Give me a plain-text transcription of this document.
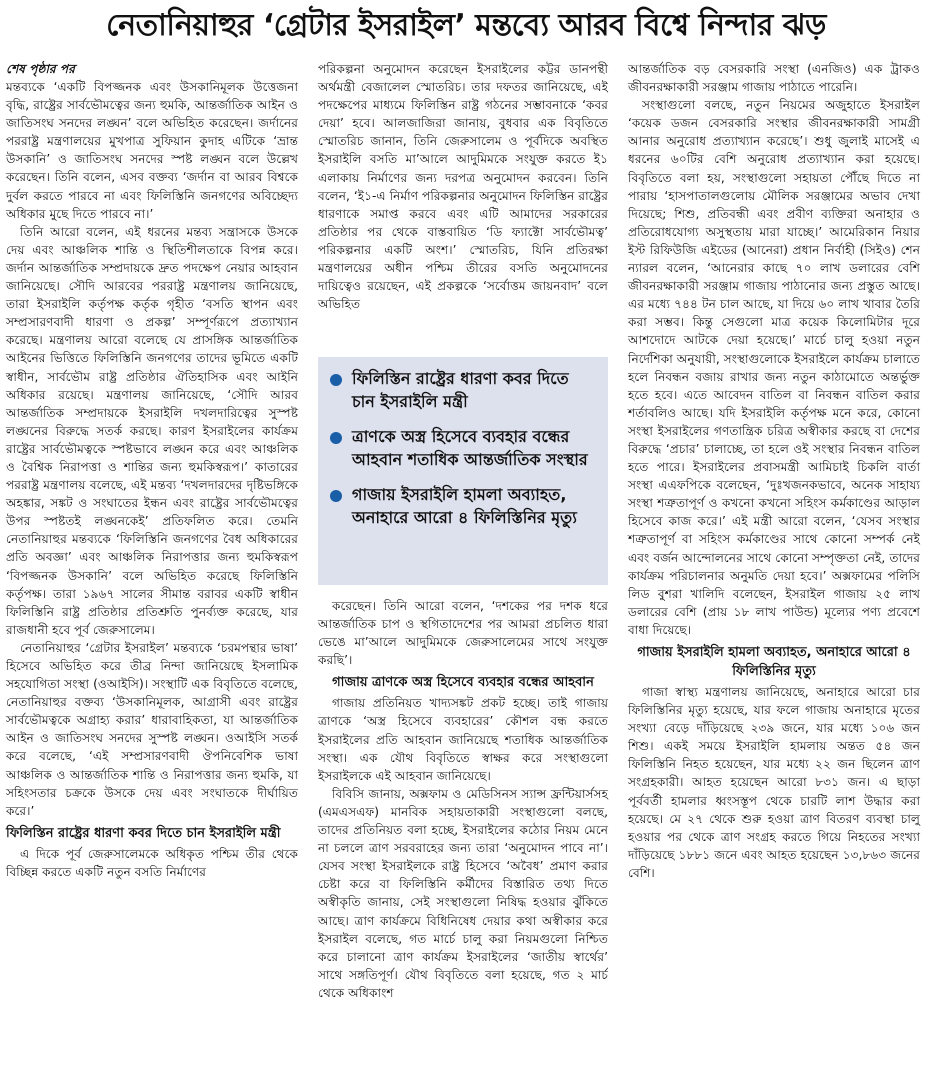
নেতানিয়াহুর ‘গ্রেটার ইসরাইল’ মন্তব্যে আরব বিশ্বে নিন্দার ঝড়
শেষ পৃষ্ঠার পর

মন্তব্যকে ‘একটি বিপজ্জনক এবং উসকানিমূলক উত্তেজনা বৃদ্ধি, রাষ্ট্রের সার্বভৌমত্বের জন্য হুমকি, আন্তর্জাতিক আইন ও জাতিসংঘ সনদের লঙ্ঘন’ বলে অভিহিত করেছেন। জর্দানের পররাষ্ট্র মন্ত্রণালয়ের মুখপাত্র সুফিয়ান কুদাহ এটিকে ‘ভ্রান্ত উসকানি’ ও জাতিসংঘ সনদের স্পষ্ট লঙ্ঘন বলে উল্লেখ করেছেন। তিনি বলেন, এসব বক্তব্য ‘জর্দান বা আরব বিশ্বকে দুর্বল করতে পারবে না এবং ফিলিস্তিনি জনগণের অবিচ্ছেদ্য অধিকার মুছে দিতে পারবে না।’

তিনি আরো বলেন, এই ধরনের মন্তব্য সন্ত্রাসকে উসকে দেয় এবং আঞ্চলিক শান্তি ও স্থিতিশীলতাকে বিপন্ন করে। জর্দান আন্তর্জাতিক সম্প্রদায়কে দ্রুত পদক্ষেপ নেয়ার আহবান জানিয়েছে। সৌদি আরবের পররাষ্ট্র মন্ত্রণালয় জানিয়েছে, তারা ইসরাইলি কর্তৃপক্ষ কর্তৃক গৃহীত ‘বসতি স্থাপন এবং সম্প্রসারণবাদী ধারণা ও প্রকল্প’ সম্পূর্ণরূপে প্রত্যাখ্যান করেছে। মন্ত্রণালয় আরো বলেছে যে প্রাসঙ্গিক আন্তর্জাতিক আইনের ভিত্তিতে ফিলিস্তিনি জনগণের তাদের ভূমিতে একটি স্বাধীন, সার্বভৌম রাষ্ট্র প্রতিষ্ঠার ঐতিহাসিক এবং আইনি অধিকার রয়েছে। মন্ত্রণালয় জানিয়েছে, ‘সৌদি আরব আন্তর্জাতিক সম্প্রদায়কে ইসরাইলি দখলদারিত্বের সুস্পষ্ট লঙ্ঘনের বিরুদ্ধে সতর্ক করছে। কারণ ইসরাইলের কার্যক্রম রাষ্ট্রের সার্বভৌমত্বকে স্পষ্টভাবে লঙ্ঘন করে এবং আঞ্চলিক ও বৈশ্বিক নিরাপত্তা ও শান্তির জন্য হুমকিস্বরূপ।’ কাতারের পররাষ্ট্র মন্ত্রণালয় বলেছে, এই মন্তব্য ‘দখলদারদের দৃষ্টিভঙ্গিকে অহঙ্কার, সঙ্কট ও সংঘাতের ইন্ধন এবং রাষ্ট্রের সার্বভৌমত্বের উপর স্পষ্টতই লঙ্ঘনকেই’ প্রতিফলিত করে। তেমনি নেতানিয়াহুর মন্তব্যকে ‘ফিলিস্তিনি জনগণের বৈধ অধিকারের প্রতি অবজ্ঞা’ এবং আঞ্চলিক নিরাপত্তার জন্য হুমকিস্বরূপ ‘বিপজ্জনক উসকানি’ বলে অভিহিত করেছে ফিলিস্তিনি কর্তৃপক্ষ। তারা ১৯৬৭ সালের সীমান্ত বরাবর একটি স্বাধীন ফিলিস্তিনি রাষ্ট্র প্রতিষ্ঠার প্রতিশ্রুতি পুনর্ব্যক্ত করেছে, যার রাজধানী হবে পূর্ব জেরুসালেম।

নেতানিয়াহুর ‘গ্রেটার ইসরাইল’ মন্তব্যকে ‘চরমপন্থার ভাষা’ হিসেবে অভিহিত করে তীব্র নিন্দা জানিয়েছে ইসলামিক সহযোগিতা সংস্থা (ওআইসি)। সংস্থাটি এক বিবৃতিতে বলেছে, নেতানিয়াহুর বক্তব্য ‘উসকানিমূলক, আগ্রাসী এবং রাষ্ট্রের সার্বভৌমত্বকে অগ্রাহ্য করার’ ধারাবাহিকতা, যা আন্তর্জাতিক আইন ও জাতিসংঘ সনদের সুস্পষ্ট লঙ্ঘন। ওআইসি সতর্ক করে বলেছে, ‘এই সম্প্রসারণবাদী ঔপনিবেশিক ভাষা আঞ্চলিক ও আন্তর্জাতিক শান্তি ও নিরাপত্তার জন্য হুমকি, যা সহিংসতার চক্রকে উসকে দেয় এবং সংঘাতকে দীর্ঘায়িত করে।’

ফিলিস্তিন রাষ্ট্রের ধারণা কবর দিতে চান ইসরাইলি মন্ত্রী

এ দিকে পূর্ব জেরুসালেমকে অধিকৃত পশ্চিম তীর থেকে বিচ্ছিন্ন করতে একটি নতুন বসতি নির্মাণের

পরিকল্পনা অনুমোদন করেছেন ইসরাইলের কট্টর ডানপন্থী অর্থমন্ত্রী বেজালেল স্মোতরিচ। তার দফতর জানিয়েছে, এই পদক্ষেপের মাধ্যমে ফিলিস্তিন রাষ্ট্র গঠনের সম্ভাবনাকে ‘কবর দেয়া’ হবে। আলজাজিরা জানায়, বুধবার এক বিবৃতিতে স্মোতরিচ জানান, তিনি জেরুসালেম ও পূর্বদিকে অবস্থিত ইসরাইলি বসতি মা’আলে আদুমিমকে সংযুক্ত করতে ই১ এলাকায় নির্মাণের জন্য দরপত্র অনুমোদন করবেন। তিনি বলেন, ‘ই১-এ নির্মাণ পরিকল্পনার অনুমোদন ফিলিস্তিন রাষ্ট্রের ধারণাকে সমাপ্ত করবে এবং এটি আমাদের সরকারের প্রতিষ্ঠার পর থেকে বাস্তবায়িত ‘ডি ফ্যাক্টো সার্বভৌমত্ব’ পরিকল্পনার একটি অংশ।’ স্মোতরিচ, যিনি প্রতিরক্ষা মন্ত্রণালয়ের অধীন পশ্চিম তীরের বসতি অনুমোদনের দায়িত্বেও রয়েছেন, এই প্রকল্পকে ‘সর্বোত্তম জায়নবাদ’ বলে অভিহিত

ফিলিস্তিন রাষ্ট্রের ধারণা কবর দিতে চান ইসরাইলি মন্ত্রী
ত্রাণকে অস্ত্র হিসেবে ব্যবহার বন্ধের আহবান শতাধিক আন্তর্জাতিক সংস্থার
গাজায় ইসরাইলি হামলা অব্যাহত, অনাহারে আরো ৪ ফিলিস্তিনির মৃত্যু

করেছেন। তিনি আরো বলেন, ‘দশকের পর দশক ধরে আন্তর্জাতিক চাপ ও স্থগিতাদেশের পর আমরা প্রচলিত ধারা ভেঙে মা’আলে আদুমিমকে জেরুসালেমের সাথে সংযুক্ত করছি’।

গাজায় ত্রাণকে অস্ত্র হিসেবে ব্যবহার বন্ধের আহবান

গাজায় প্রতিনিয়ত খাদ্যসঙ্কট প্রকট হচ্ছে। তাই গাজায় ত্রাণকে ‘অস্ত্র হিসেবে ব্যবহারের’ কৌশল বন্ধ করতে ইসরাইলের প্রতি আহবান জানিয়েছে শতাধিক আন্তর্জাতিক সংস্থা। এক যৌথ বিবৃতিতে স্বাক্ষর করে সংস্থাগুলো ইসরাইলকে এই আহবান জানিয়েছে।

বিবিসি জানায়, অক্সফাম ও মেডিসিনস স্যান্স ফ্রন্টিয়ার্সসহ (এমএসএফ) মানবিক সহায়তাকারী সংস্থাগুলো বলছে, তাদের প্রতিনিয়ত বলা হচ্ছে, ইসরাইলের কঠোর নিয়ম মেনে না চললে ত্রাণ সরবরাহের জন্য তারা ‘অনুমোদন পাবে না’। যেসব সংস্থা ইসরাইলকে রাষ্ট্র হিসেবে ‘অবৈধ’ প্রমাণ করার চেষ্টা করে বা ফিলিস্তিনি কর্মীদের বিস্তারিত তথ্য দিতে অস্বীকৃতি জানায়, সেই সংস্থাগুলো নিষিদ্ধ হওয়ার ঝুঁকিতে আছে। ত্রাণ কার্যক্রমে বিধিনিষেধ দেয়ার কথা অস্বীকার করে ইসরাইল বলেছে, গত মার্চে চালু করা নিয়মগুলো নিশ্চিত করে চালানো ত্রাণ কার্যক্রম ইসরাইলের ‘জাতীয় স্বার্থের’ সাথে সঙ্গতিপূর্ণ। যৌথ বিবৃতিতে বলা হয়েছে, গত ২ মার্চ থেকে অধিকাংশ

আন্তর্জাতিক বড় বেসরকারি সংস্থা (এনজিও) এক ট্রাকও জীবনরক্ষাকারী সরঞ্জাম গাজায় পাঠাতে পারেনি।

সংস্থাগুলো বলছে, নতুন নিয়মের অজুহাতে ইসরাইল ‘কয়েক ডজন বেসরকারি সংস্থার জীবনরক্ষাকারী সামগ্রী আনার অনুরোধ প্রত্যাখ্যান করেছে’। শুধু জুলাই মাসেই এ ধরনের ৬০টির বেশি অনুরোধ প্রত্যাখ্যান করা হয়েছে। বিবৃতিতে বলা হয়, সংস্থাগুলো সহায়তা পৌঁছে দিতে না পারায় ‘হাসপাতালগুলোয় মৌলিক সরঞ্জামের অভাব দেখা দিয়েছে; শিশু, প্রতিবন্ধী এবং প্রবীণ ব্যক্তিরা অনাহার ও প্রতিরোধযোগ্য অসুস্থতায় মারা যাচ্ছে।’ আমেরিকান নিয়ার ইস্ট রিফিউজি এইডের (আনেরা) প্রধান নির্বাহী (সিইও) শেন ন্যারল বলেন, ‘আনেরার কাছে ৭০ লাখ ডলারের বেশি জীবনরক্ষাকারী সরঞ্জাম গাজায় পাঠানোর জন্য প্রস্তুত আছে। এর মধ্যে ৭৪৪ টন চাল আছে, যা দিয়ে ৬০ লাখ খাবার তৈরি করা সম্ভব। কিন্তু সেগুলো মাত্র কয়েক কিলোমিটার দূরে আশদোদে আটকে দেয়া হয়েছে।’ মার্চে চালু হওয়া নতুন নির্দেশিকা অনুযায়ী, সংস্থাগুলোকে ইসরাইলে কার্যক্রম চালাতে হলে নিবন্ধন বজায় রাখার জন্য নতুন কাঠামোতে অন্তর্ভুক্ত হতে হবে। এতে আবেদন বাতিল বা নিবন্ধন বাতিল করার শর্তাবলিও আছে। যদি ইসরাইলি কর্তৃপক্ষ মনে করে, কোনো সংস্থা ইসরাইলের গণতান্ত্রিক চরিত্র অস্বীকার করছে বা দেশের বিরুদ্ধে ‘প্রচার’ চালাচ্ছে, তা হলে ওই সংস্থার নিবন্ধন বাতিল হতে পারে। ইসরাইলের প্রবাসমন্ত্রী আমিচাই চিকলি বার্তা সংস্থা এএফপিকে বলেছেন, ‘দুঃখজনকভাবে, অনেক সাহায্য সংস্থা শত্রুতাপূর্ণ ও কখনো কখনো সহিংস কর্মকাণ্ডের আড়াল হিসেবে কাজ করে।’ এই মন্ত্রী আরো বলেন, ‘যেসব সংস্থার শত্রুতাপূর্ণ বা সহিংস কর্মকাণ্ডের সাথে কোনো সম্পর্ক নেই এবং বর্জন আন্দোলনের সাথে কোনো সম্পৃক্ততা নেই, তাদের কার্যক্রম পরিচালনার অনুমতি দেয়া হবে।’ অক্সফামের পলিসি লিড বুশরা খালিদি বলেছেন, ইসরাইল গাজায় ২৫ লাখ ডলারের বেশি (প্রায় ১৮ লাখ পাউন্ড) মূল্যের পণ্য প্রবেশে বাধা দিয়েছে।

গাজায় ইসরাইলি হামলা অব্যাহত, অনাহারে আরো ৪ ফিলিস্তিনির মৃত্যু

গাজা স্বাস্থ্য মন্ত্রণালয় জানিয়েছে, অনাহারে আরো চার ফিলিস্তিনির মৃত্যু হয়েছে, যার ফলে গাজায় অনাহারে মৃতের সংখ্যা বেড়ে দাঁড়িয়েছে ২৩৯ জনে, যার মধ্যে ১০৬ জন শিশু। একই সময়ে ইসরাইলি হামলায় অন্তত ৫৪ জন ফিলিস্তিনি নিহত হয়েছেন, যার মধ্যে ২২ জন ছিলেন ত্রাণ সংগ্রহকারী। আহত হয়েছেন আরো ৮৩১ জন। এ ছাড়া পূর্ববর্তী হামলার ধ্বংসস্তূপ থেকে চারটি লাশ উদ্ধার করা হয়েছে। মে ২৭ থেকে শুরু হওয়া ত্রাণ বিতরণ ব্যবস্থা চালু হওয়ার পর থেকে ত্রাণ সংগ্রহ করতে গিয়ে নিহতের সংখ্যা দাঁড়িয়েছে ১৮৮১ জনে এবং আহত হয়েছেন ১৩,৮৬৩ জনের বেশি।
